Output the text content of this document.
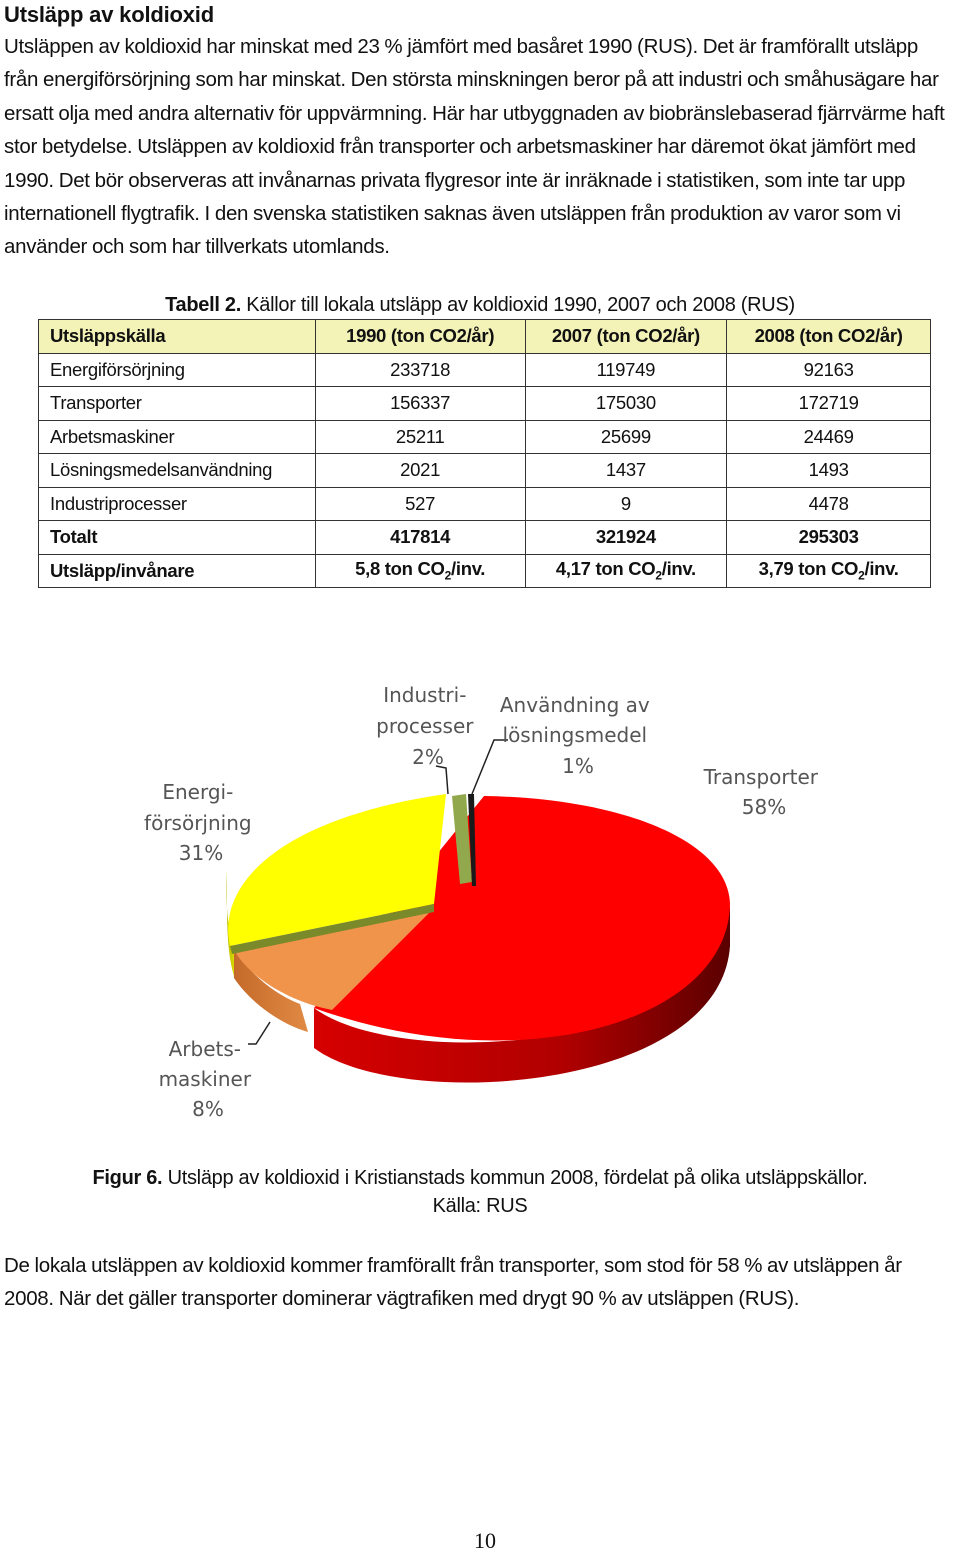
Utsläpp av koldioxid

Utsläppen av koldioxid har minskat med 23 % jämfört med basåret 1990 (RUS). Det är framförallt utsläpp från energiförsörjning som har minskat. Den största minskningen beror på att industri och småhusägare har ersatt olja med andra alternativ för uppvärmning. Här har utbyggnaden av biobränslebaserad fjärrvärme haft stor betydelse. Utsläppen av koldioxid från transporter och arbetsmaskiner har däremot ökat jämfört med 1990. Det bör observeras att invånarnas privata flygresor inte är inräknade i statistiken, som inte tar upp internationell flygtrafik. I den svenska statistiken saknas även utsläppen från produktion av varor som vi använder och som har tillverkats utomlands.

Tabell 2. Källor till lokala utsläpp av koldioxid 1990, 2007 och 2008 (RUS)
Utsläppskälla	1990 (ton CO2/år)	2007 (ton CO2/år)	2008 (ton CO2/år)
Energiförsörjning	233718	119749	92163
Transporter	156337	175030	172719
Arbetsmaskiner	25211	25699	24469
Lösningsmedelsanvändning	2021	1437	1493
Industriprocesser	527	9	4478
Totalt	417814	321924	295303
Utsläpp/invånare	5,8 ton $CO_2$/inv.	4,17 ton $CO_2$/inv.	3,79 ton $CO_2$/inv.
Industri- processer 2%
Användning av lösningsmedel 1%	Transporter 58%
Energi- försörjning 31%
Arbets- maskiner 8%
Figur 6. Utsläpp av koldioxid i Kristianstads kommun 2008, fördelat på olika utsläppskällor.
Källa: RUS

De lokala utsläppen av koldioxid kommer framförallt från transporter, som stod för 58 % av utsläppen år 2008. När det gäller transporter dominerar vägtrafiken med drygt 90 % av utsläppen (RUS).

10
